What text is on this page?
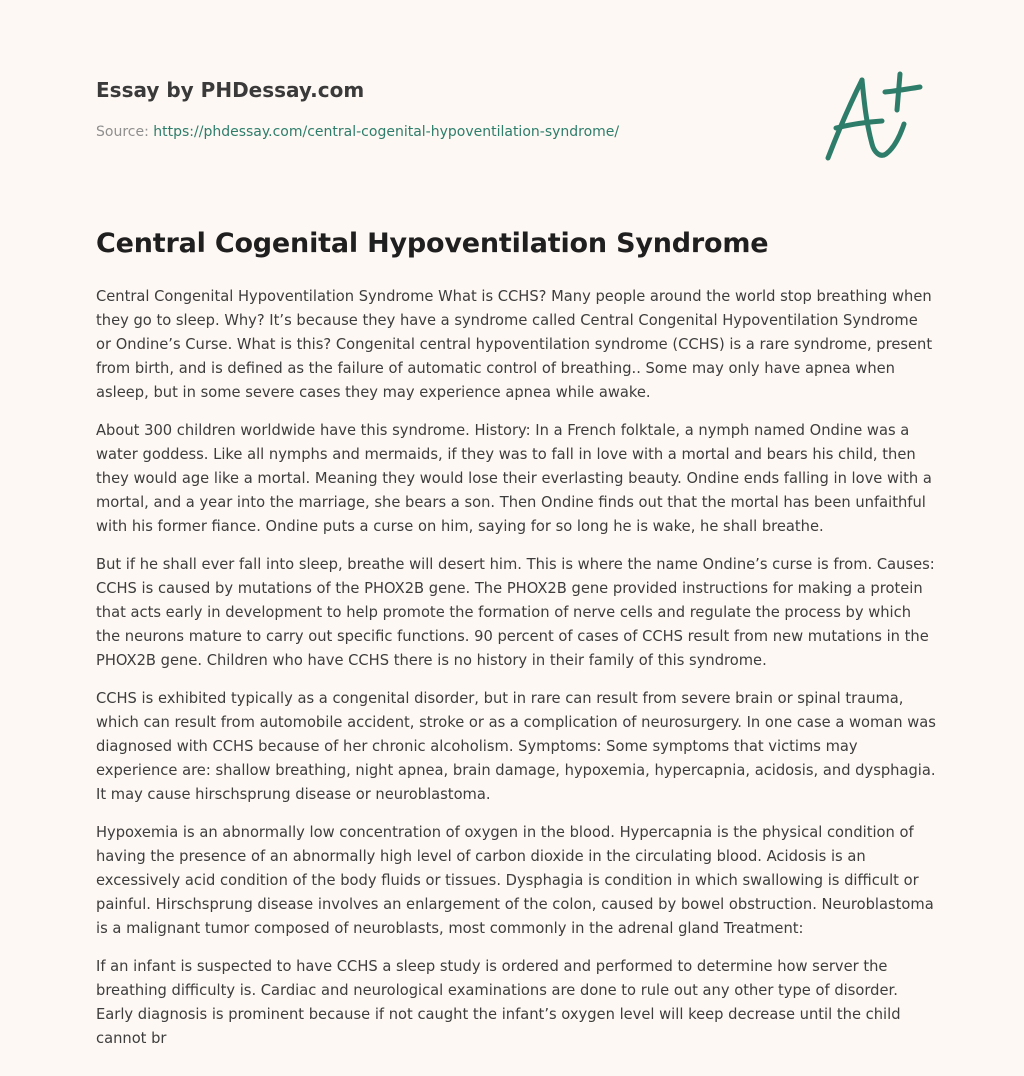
Essay by PHDessay.com

Source: https://phdessay.com/central-cogenital-hypoventilation-syndrome/
Central Cogenital Hypoventilation Syndrome

Central Congenital Hypoventilation Syndrome What is CCHS? Many people around the world stop breathing when they go to sleep. Why? It’s because they have a syndrome called Central Congenital Hypoventilation Syndrome or Ondine’s Curse. What is this? Congenital central hypoventilation syndrome (CCHS) is a rare syndrome, present from birth, and is defined as the failure of automatic control of breathing.. Some may only have apnea when asleep, but in some severe cases they may experience apnea while awake.

About 300 children worldwide have this syndrome. History: In a French folktale, a nymph named Ondine was a water goddess. Like all nymphs and mermaids, if they was to fall in love with a mortal and bears his child, then they would age like a mortal. Meaning they would lose their everlasting beauty. Ondine ends falling in love with a mortal, and a year into the marriage, she bears a son. Then Ondine finds out that the mortal has been unfaithful with his former fiance. Ondine puts a curse on him, saying for so long he is wake, he shall breathe.

But if he shall ever fall into sleep, breathe will desert him. This is where the name Ondine’s curse is from. Causes: CCHS is caused by mutations of the PHOX2B gene. The PHOX2B gene provided instructions for making a protein that acts early in development to help promote the formation of nerve cells and regulate the process by which the neurons mature to carry out specific functions. 90 percent of cases of CCHS result from new mutations in the PHOX2B gene. Children who have CCHS there is no history in their family of this syndrome.

CCHS is exhibited typically as a congenital disorder, but in rare can result from severe brain or spinal trauma, which can result from automobile accident, stroke or as a complication of neurosurgery. In one case a woman was diagnosed with CCHS because of her chronic alcoholism. Symptoms: Some symptoms that victims may experience are: shallow breathing, night apnea, brain damage, hypoxemia, hypercapnia, acidosis, and dysphagia. It may cause hirschsprung disease or neuroblastoma.

Hypoxemia is an abnormally low concentration of oxygen in the blood. Hypercapnia is the physical condition of having the presence of an abnormally high level of carbon dioxide in the circulating blood. Acidosis is an excessively acid condition of the body fluids or tissues. Dysphagia is condition in which swallowing is difficult or painful. Hirschsprung disease involves an enlargement of the colon, caused by bowel obstruction. Neuroblastoma is a malignant tumor composed of neuroblasts, most commonly in the adrenal gland Treatment:

If an infant is suspected to have CCHS a sleep study is ordered and performed to determine how server the breathing difficulty is. Cardiac and neurological examinations are done to rule out any other type of disorder. Early diagnosis is prominent because if not caught the infant’s oxygen level will keep decrease until the child cannot br
